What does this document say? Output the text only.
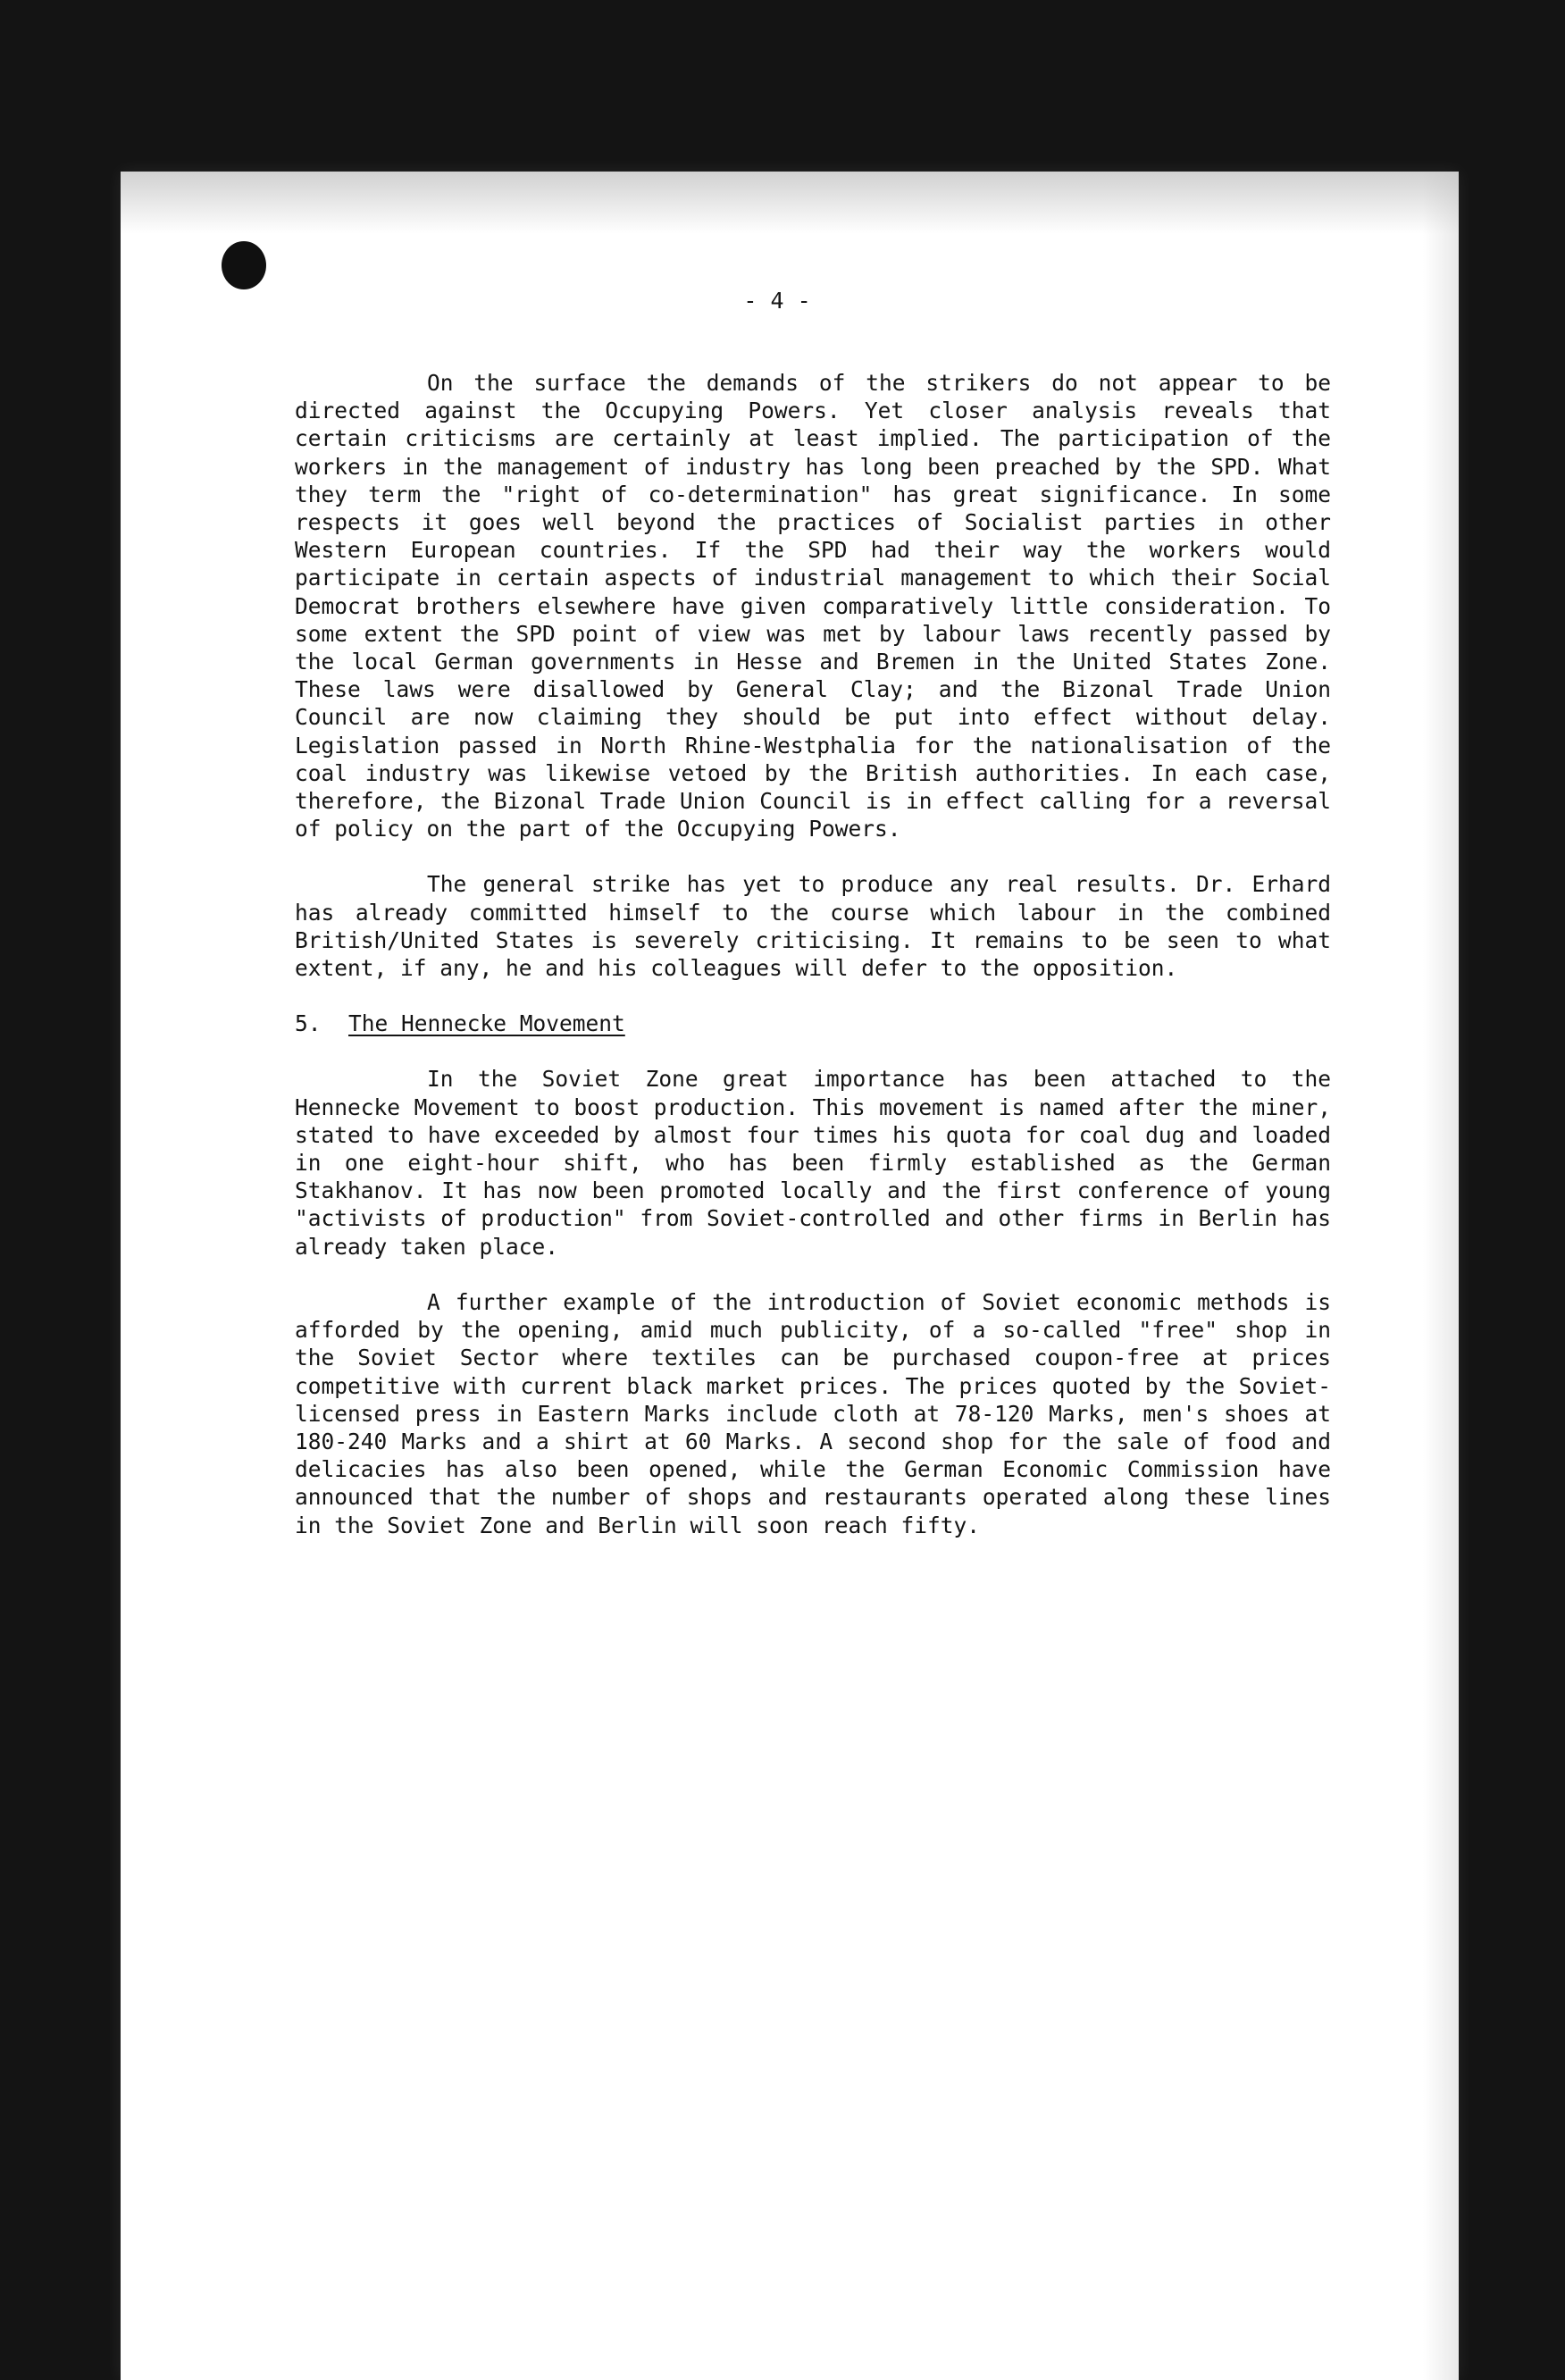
- 4 -

On the surface the demands of the strikers do not appear to be directed against the Occupying Powers. Yet closer analysis reveals that certain criticisms are certainly at least implied. The participation of the workers in the management of industry has long been preached by the SPD. What they term the "right of co-determination" has great significance. In some respects it goes well beyond the practices of Socialist parties in other Western European countries. If the SPD had their way the workers would participate in certain aspects of industrial management to which their Social Democrat brothers elsewhere have given comparatively little consideration. To some extent the SPD point of view was met by labour laws recently passed by the local German governments in Hesse and Bremen in the United States Zone. These laws were disallowed by General Clay; and the Bizonal Trade Union Council are now claiming they should be put into effect without delay. Legislation passed in North Rhine-Westphalia for the nationalisation of the coal industry was likewise vetoed by the British authorities. In each case, therefore, the Bizonal Trade Union Council is in effect calling for a reversal of policy on the part of the Occupying Powers.

The general strike has yet to produce any real results. Dr. Erhard has already committed himself to the course which labour in the combined British/United States is severely criticising. It remains to be seen to what extent, if any, he and his colleagues will defer to the opposition.

5.	The Hennecke Movement

In the Soviet Zone great importance has been attached to the Hennecke Movement to boost production. This movement is named after the miner, stated to have exceeded by almost four times his quota for coal dug and loaded in one eight-hour shift, who has been firmly established as the German Stakhanov. It has now been promoted locally and the first conference of young "activists of production" from Soviet-controlled and other firms in Berlin has already taken place.

A further example of the introduction of Soviet economic methods is afforded by the opening, amid much publicity, of a so-called "free" shop in the Soviet Sector where textiles can be purchased coupon-free at prices competitive with current black market prices. The prices quoted by the Soviet-licensed press in Eastern Marks include cloth at 78-120 Marks, men's shoes at 180-240 Marks and a shirt at 60 Marks. A second shop for the sale of food and delicacies has also been opened, while the German Economic Commission have announced that the number of shops and restaurants operated along these lines in the Soviet Zone and Berlin will soon reach fifty.
